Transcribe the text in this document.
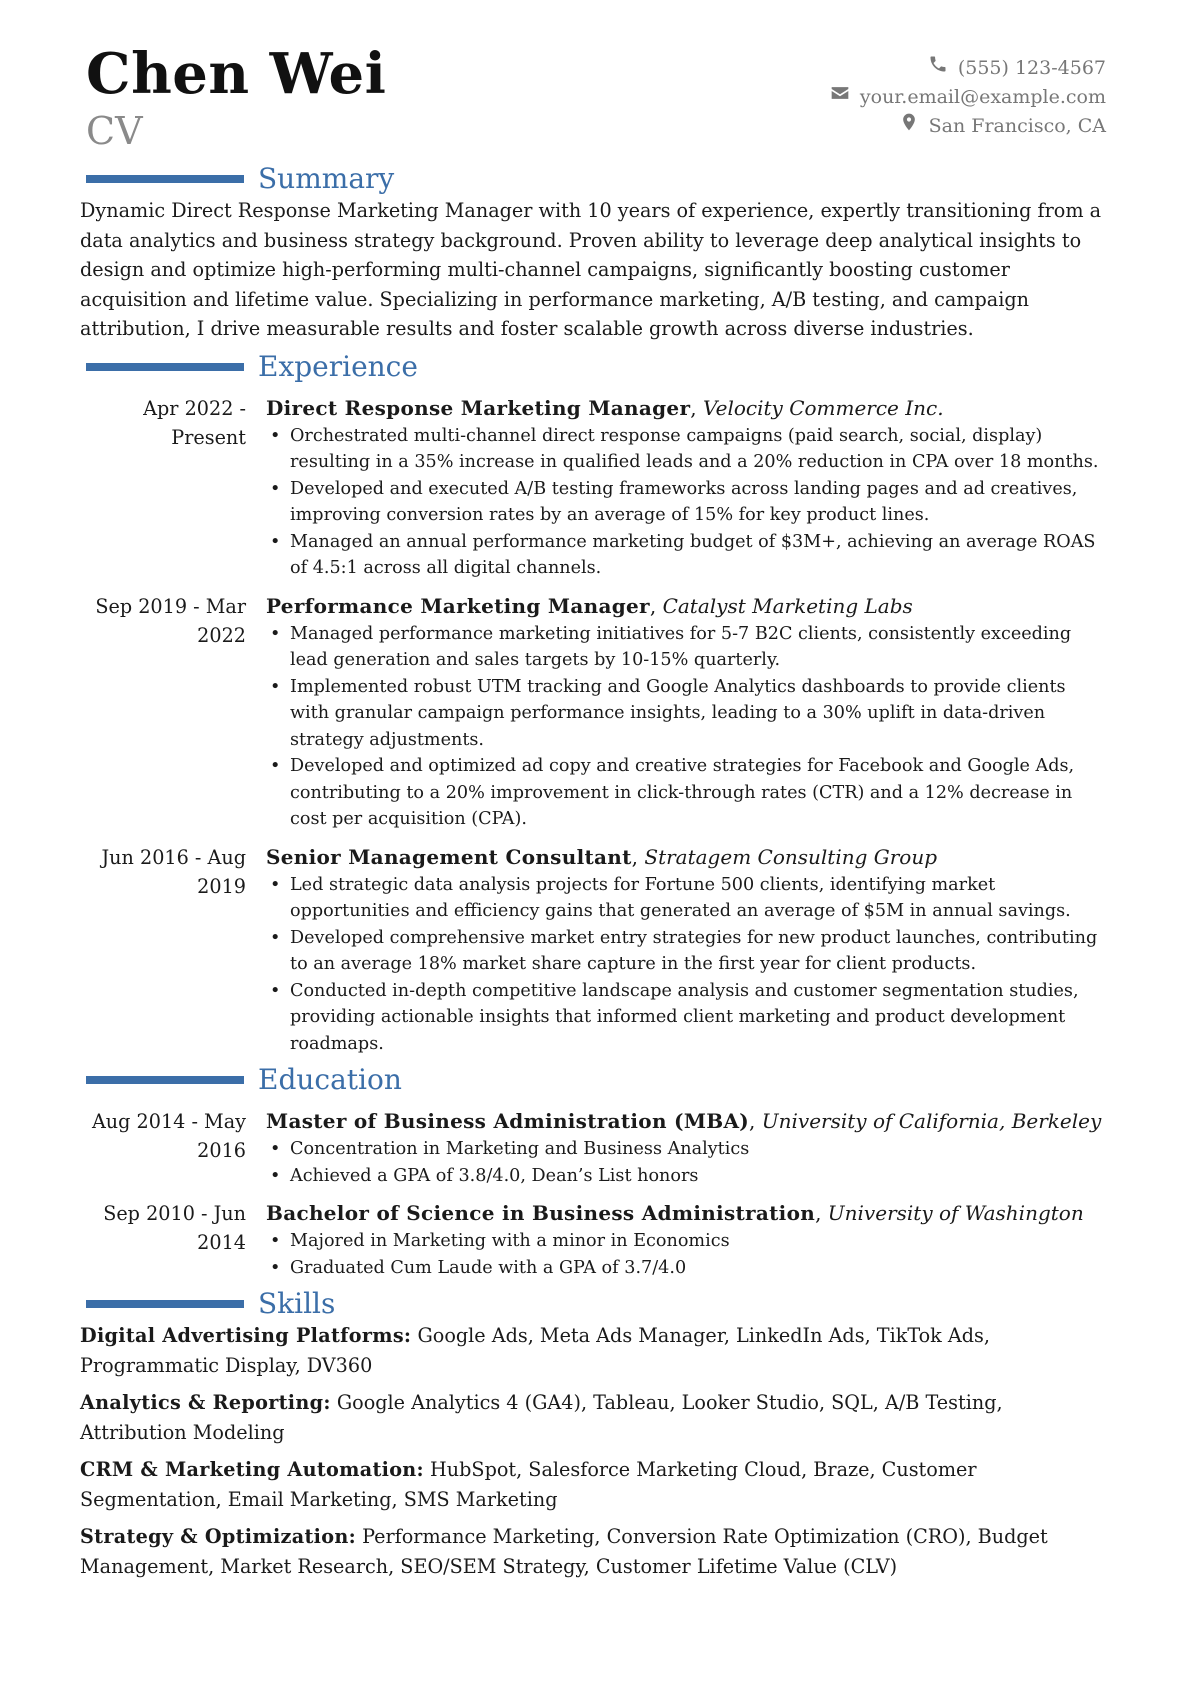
Chen Wei
CV
(555) 123-4567
your.email@example.com
San Francisco, CA
Summary

Dynamic Direct Response Marketing Manager with 10 years of experience, expertly transitioning from a data analytics and business strategy background. Proven ability to leverage deep analytical insights to design and optimize high-performing multi-channel campaigns, significantly boosting customer acquisition and lifetime value. Specializing in performance marketing, A/B testing, and campaign attribution, I drive measurable results and foster scalable growth across diverse industries.

Experience
Apr 2022 - Present
Direct Response Marketing Manager, Velocity Commerce Inc.
• Orchestrated multi-channel direct response campaigns (paid search, social, display) resulting in a 35% increase in qualified leads and a 20% reduction in CPA over 18 months.
• Developed and executed A/B testing frameworks across landing pages and ad creatives, improving conversion rates by an average of 15% for key product lines.
• Managed an annual performance marketing budget of $3M+, achieving an average ROAS of 4.5:1 across all digital channels.
Sep 2019 - Mar 2022
Performance Marketing Manager, Catalyst Marketing Labs
• Managed performance marketing initiatives for 5-7 B2C clients, consistently exceeding lead generation and sales targets by 10-15% quarterly.
• Implemented robust UTM tracking and Google Analytics dashboards to provide clients with granular campaign performance insights, leading to a 30% uplift in data-driven strategy adjustments.
• Developed and optimized ad copy and creative strategies for Facebook and Google Ads, contributing to a 20% improvement in click-through rates (CTR) and a 12% decrease in cost per acquisition (CPA).
Jun 2016 - Aug 2019
Senior Management Consultant, Stratagem Consulting Group
• Led strategic data analysis projects for Fortune 500 clients, identifying market opportunities and efficiency gains that generated an average of $5M in annual savings.
• Developed comprehensive market entry strategies for new product launches, contributing to an average 18% market share capture in the first year for client products.
• Conducted in-depth competitive landscape analysis and customer segmentation studies, providing actionable insights that informed client marketing and product development roadmaps.
Education
Aug 2014 - May 2016
Master of Business Administration (MBA), University of California, Berkeley
• Concentration in Marketing and Business Analytics
• Achieved a GPA of 3.8/4.0, Dean’s List honors
Sep 2010 - Jun 2014
Bachelor of Science in Business Administration, University of Washington
• Majored in Marketing with a minor in Economics
• Graduated Cum Laude with a GPA of 3.7/4.0
Skills

Digital Advertising Platforms: Google Ads, Meta Ads Manager, LinkedIn Ads, TikTok Ads, Programmatic Display, DV360

Analytics & Reporting: Google Analytics 4 (GA4), Tableau, Looker Studio, SQL, A/B Testing, Attribution Modeling

CRM & Marketing Automation: HubSpot, Salesforce Marketing Cloud, Braze, Customer Segmentation, Email Marketing, SMS Marketing

Strategy & Optimization: Performance Marketing, Conversion Rate Optimization (CRO), Budget Management, Market Research, SEO/SEM Strategy, Customer Lifetime Value (CLV)
